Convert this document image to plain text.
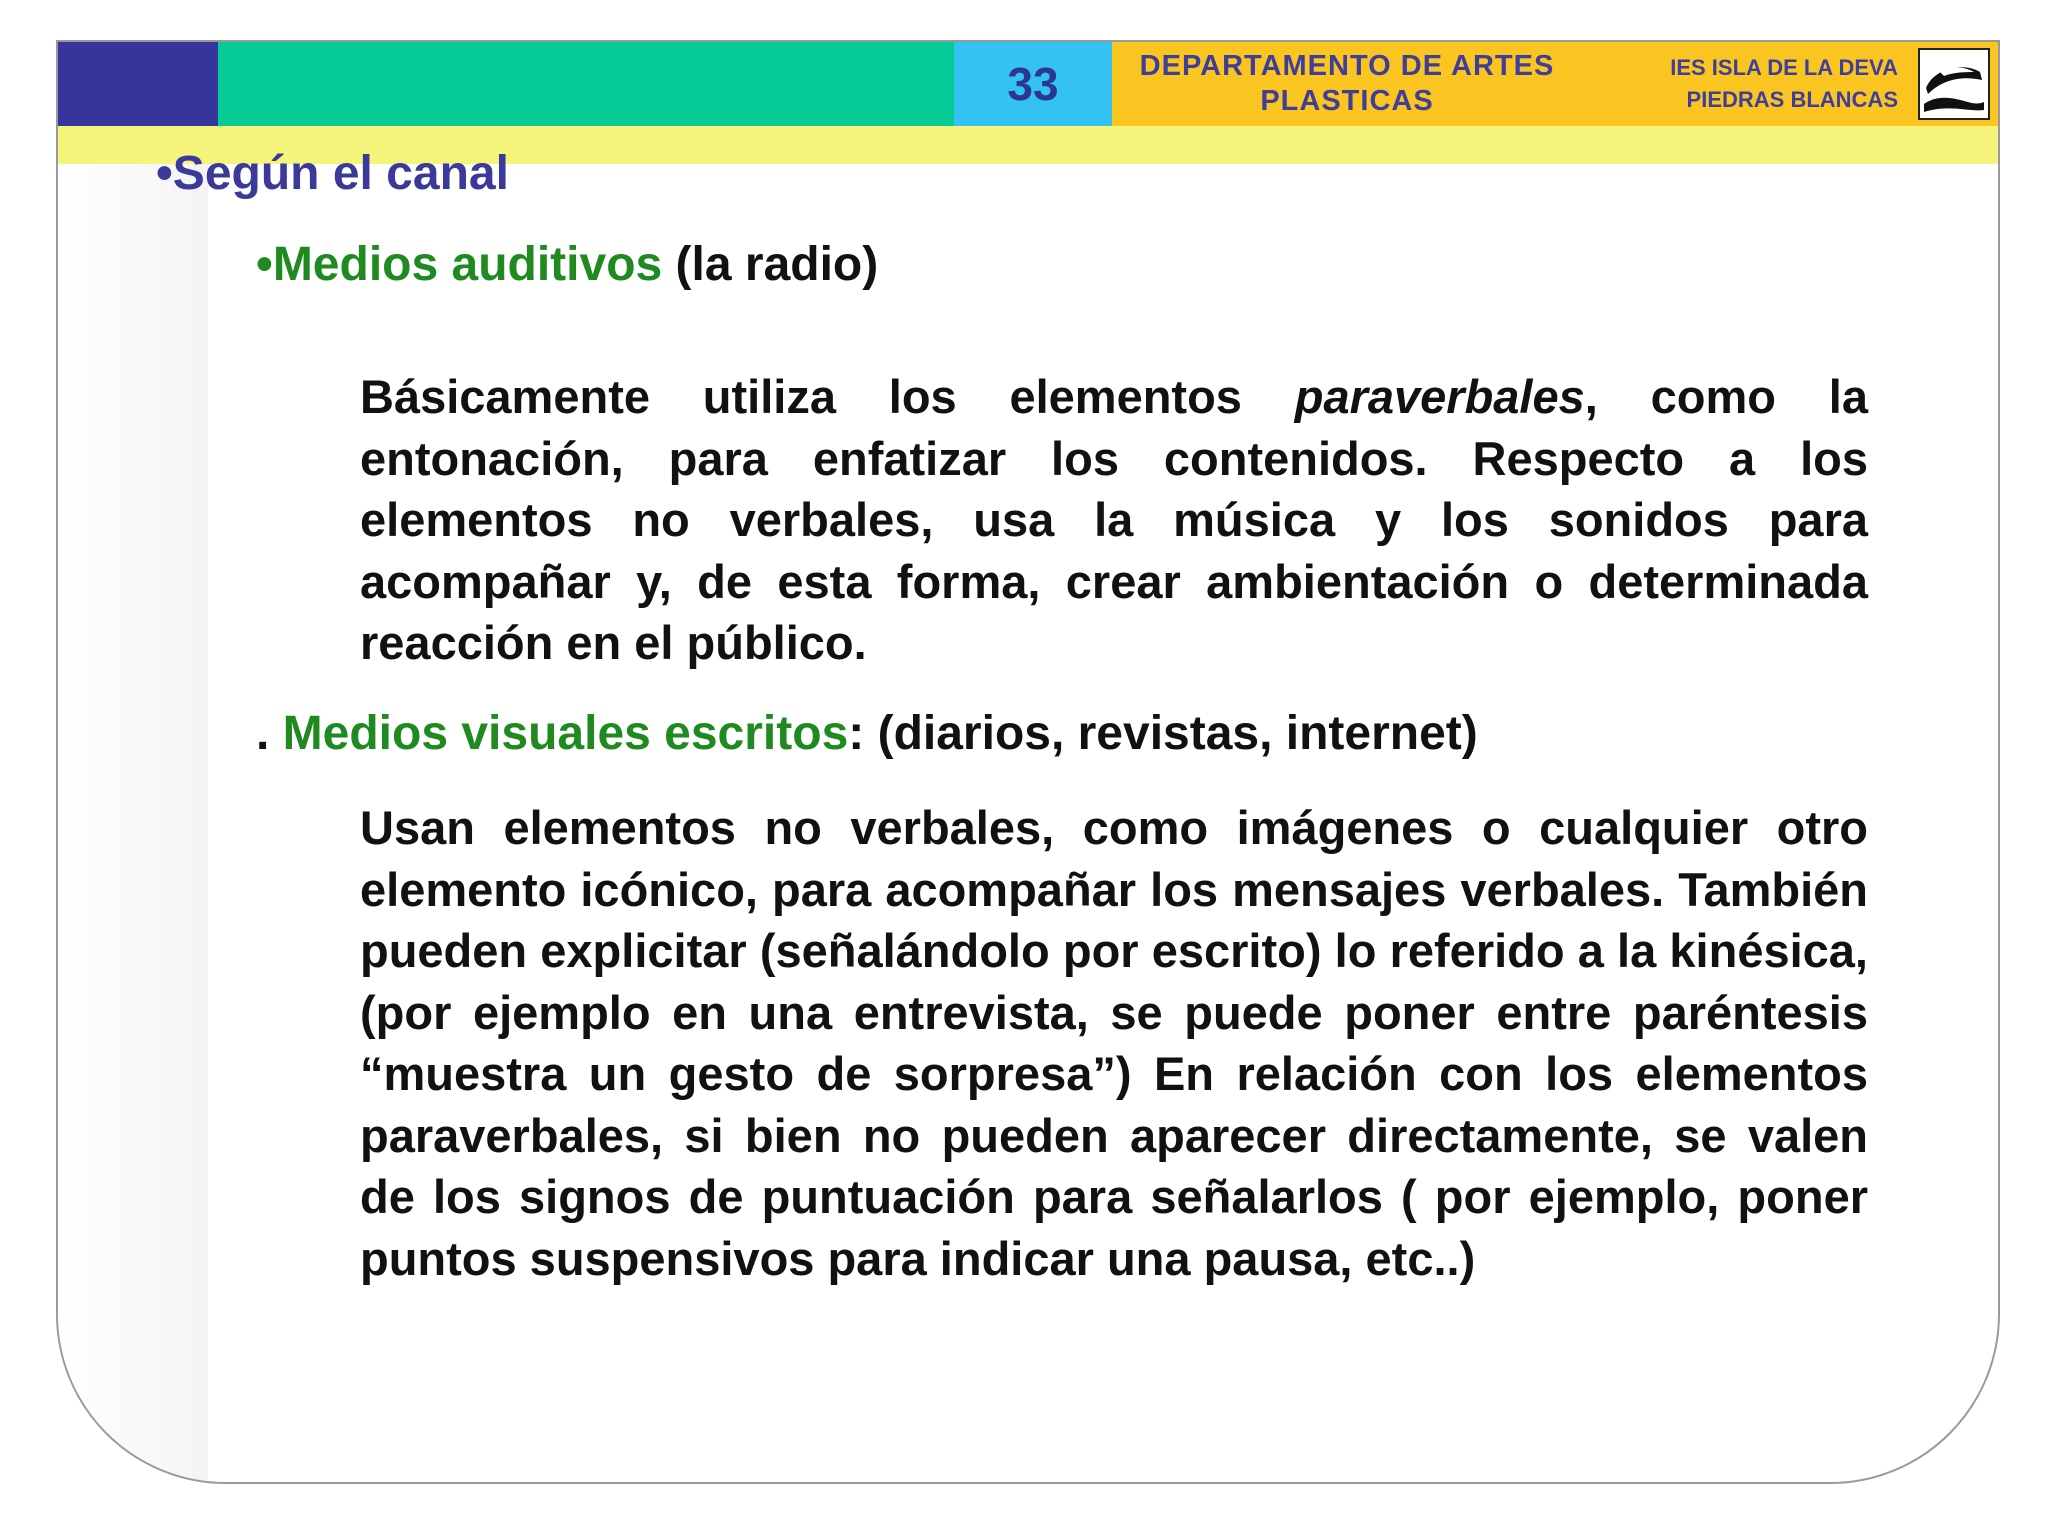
33	DEPARTAMENTO DE ARTES
PLASTICAS
IES ISLA DE LA DEVA
PIEDRAS BLANCAS
•Según el canal
•Medios auditivos (la radio)
Básicamente utiliza los elementos paraverbales, como la entonación, para enfatizar los contenidos. Respecto a los elementos no verbales, usa la música y los sonidos para acompañar y, de esta forma, crear ambientación o determinada reacción en el público.
. Medios visuales escritos: (diarios, revistas, internet)
Usan elementos no verbales, como imágenes o cualquier otro elemento icónico, para acompañar los mensajes verbales. También pueden explicitar (señalándolo por escrito) lo referido a la kinésica, (por ejemplo en una entrevista, se puede poner entre paréntesis “muestra un gesto de sorpresa”) En relación con los elementos paraverbales, si bien no pueden aparecer directamente, se valen de los signos de puntuación para señalarlos ( por ejemplo, poner puntos suspensivos para indicar una pausa, etc..)
